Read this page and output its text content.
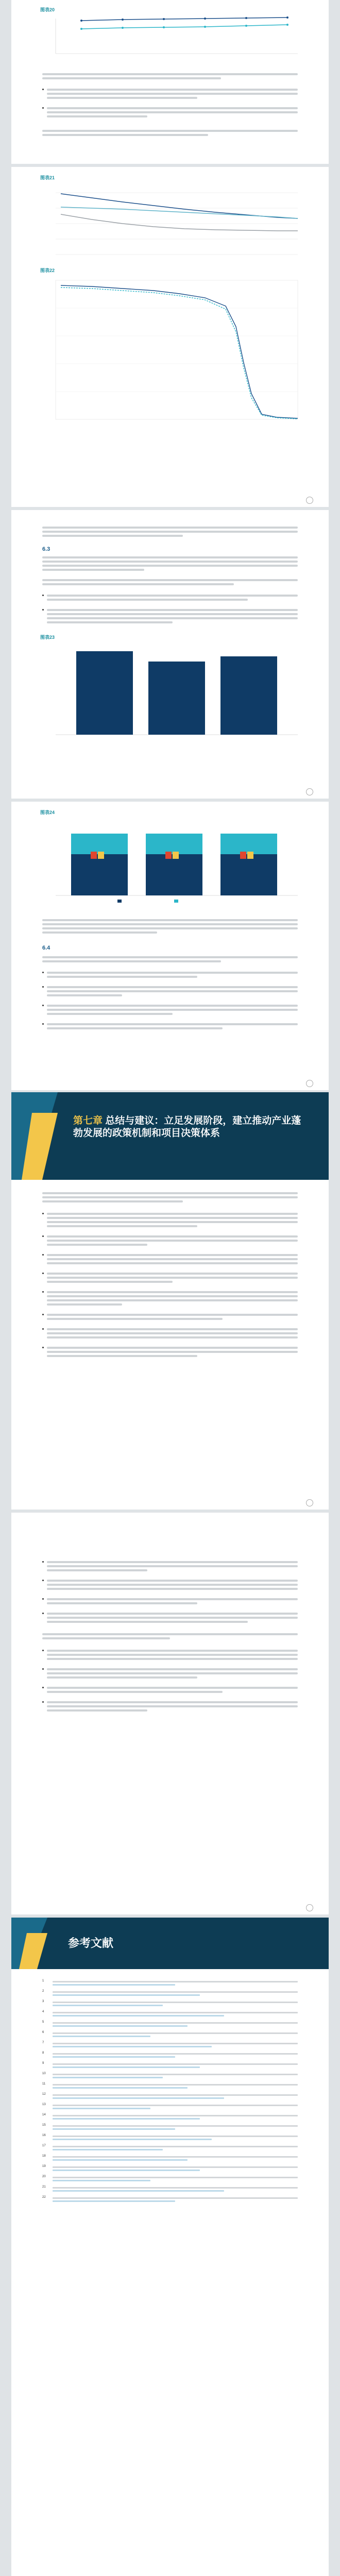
图表20
图表21
图表22
6.3
图表23
图表24
6.4
第七章 总结与建议：立足发展阶段，建立推动产业蓬勃发展的政策机制和项目决策体系
参考文献
1
2
3
4
5
6
7
8
9
10
11
12
13
14
15
16
17
18
19
20
21
22
